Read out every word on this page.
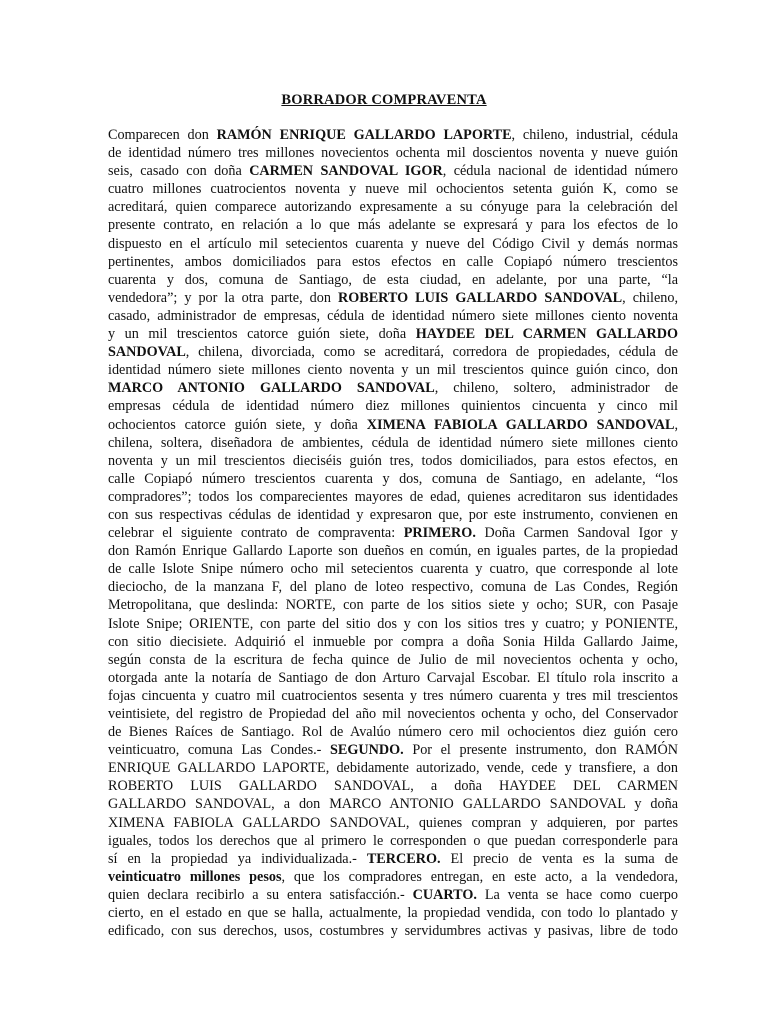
BORRADOR COMPRAVENTA
Comparecen don RAMÓN ENRIQUE GALLARDO LAPORTE, chileno, industrial, cédula
de identidad número tres millones novecientos ochenta mil doscientos noventa y nueve guión
seis, casado con doña CARMEN SANDOVAL IGOR, cédula nacional de identidad número
cuatro millones cuatrocientos noventa y nueve mil ochocientos setenta guión K, como se
acreditará, quien comparece autorizando expresamente a su cónyuge para la celebración del
presente contrato, en relación a lo que más adelante se expresará y para los efectos de lo
dispuesto en el artículo mil setecientos cuarenta y nueve del Código Civil y demás normas
pertinentes, ambos domiciliados para estos efectos en calle Copiapó número trescientos
cuarenta y dos, comuna de Santiago, de esta ciudad, en adelante, por una parte, “la
vendedora”; y por la otra parte, don ROBERTO LUIS GALLARDO SANDOVAL, chileno,
casado, administrador de empresas, cédula de identidad número siete millones ciento noventa
y un mil trescientos catorce guión siete, doña HAYDEE DEL CARMEN GALLARDO
SANDOVAL, chilena, divorciada, como se acreditará, corredora de propiedades, cédula de
identidad número siete millones ciento noventa y un mil trescientos quince guión cinco, don
MARCO ANTONIO GALLARDO SANDOVAL, chileno, soltero, administrador de
empresas cédula de identidad número diez millones quinientos cincuenta y cinco mil
ochocientos catorce guión siete, y doña XIMENA FABIOLA GALLARDO SANDOVAL,
chilena, soltera, diseñadora de ambientes, cédula de identidad número siete millones ciento
noventa y un mil trescientos dieciséis guión tres, todos domiciliados, para estos efectos, en
calle Copiapó número trescientos cuarenta y dos, comuna de Santiago, en adelante, “los
compradores”; todos los comparecientes mayores de edad, quienes acreditaron sus identidades
con sus respectivas cédulas de identidad y expresaron que, por este instrumento, convienen en
celebrar el siguiente contrato de compraventa: PRIMERO. Doña Carmen Sandoval Igor y
don Ramón Enrique Gallardo Laporte son dueños en común, en iguales partes, de la propiedad
de calle Islote Snipe número ocho mil setecientos cuarenta y cuatro, que corresponde al lote
dieciocho, de la manzana F, del plano de loteo respectivo, comuna de Las Condes, Región
Metropolitana, que deslinda: NORTE, con parte de los sitios siete y ocho; SUR, con Pasaje
Islote Snipe; ORIENTE, con parte del sitio dos y con los sitios tres y cuatro; y PONIENTE,
con sitio diecisiete. Adquirió el inmueble por compra a doña Sonia Hilda Gallardo Jaime,
según consta de la escritura de fecha quince de Julio de mil novecientos ochenta y ocho,
otorgada ante la notaría de Santiago de don Arturo Carvajal Escobar. El título rola inscrito a
fojas cincuenta y cuatro mil cuatrocientos sesenta y tres número cuarenta y tres mil trescientos
veintisiete, del registro de Propiedad del año mil novecientos ochenta y ocho, del Conservador
de Bienes Raíces de Santiago. Rol de Avalúo número cero mil ochocientos diez guión cero
veinticuatro, comuna Las Condes.- SEGUNDO. Por el presente instrumento, don RAMÓN
ENRIQUE GALLARDO LAPORTE, debidamente autorizado, vende, cede y transfiere, a don
ROBERTO LUIS GALLARDO SANDOVAL, a doña HAYDEE DEL CARMEN
GALLARDO SANDOVAL, a don MARCO ANTONIO GALLARDO SANDOVAL y doña
XIMENA FABIOLA GALLARDO SANDOVAL, quienes compran y adquieren, por partes
iguales, todos los derechos que al primero le corresponden o que puedan corresponderle para
sí en la propiedad ya individualizada.- TERCERO. El precio de venta es la suma de
veinticuatro millones pesos, que los compradores entregan, en este acto, a la vendedora,
quien declara recibirlo a su entera satisfacción.- CUARTO. La venta se hace como cuerpo
cierto, en el estado en que se halla, actualmente, la propiedad vendida, con todo lo plantado y
edificado, con sus derechos, usos, costumbres y servidumbres activas y pasivas, libre de todo
